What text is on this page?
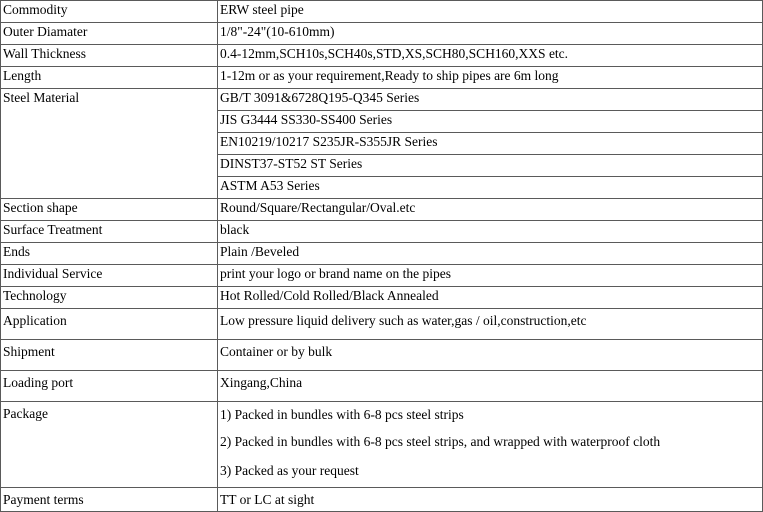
Commodity	ERW steel pipe
Outer Diamater	1/8"-24"(10-610mm)
Wall Thickness	0.4-12mm,SCH10s,SCH40s,STD,XS,SCH80,SCH160,XXS etc.
Length	1-12m or as your requirement,Ready to ship pipes are 6m long
Steel Material	GB/T 3091&6728Q195-Q345 Series
	JIS G3444 SS330-SS400 Series
	EN10219/10217 S235JR-S355JR Series
	DINST37-ST52 ST Series
	ASTM A53 Series
Section shape	Round/Square/Rectangular/Oval.etc
Surface Treatment	black
Ends	Plain /Beveled
Individual Service	print your logo or brand name on the pipes
Technology	Hot Rolled/Cold Rolled/Black Annealed
Application	Low pressure liquid delivery such as water,gas / oil,construction,etc
Shipment	Container or by bulk
Loading port	Xingang,China
Package	1) Packed in bundles with 6-8 pcs steel strips
2) Packed in bundles with 6-8 pcs steel strips, and wrapped with waterproof cloth
3) Packed as your request

Payment terms	TT or LC at sight
